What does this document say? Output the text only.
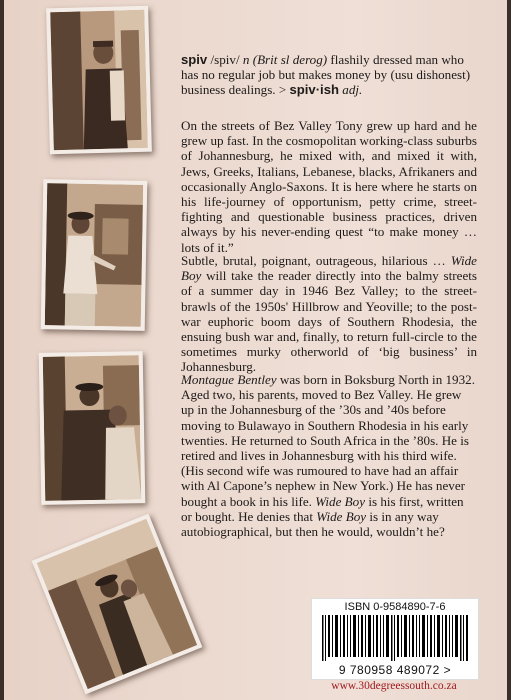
spiv /spiv/ n (Brit sl derog) flashily dressed man who has no regular job but makes money by (usu dishonest) business dealings. > spiv·ish adj.

On the streets of Bez Valley Tony grew up hard and he grew up fast. In the cosmopolitan working-class suburbs of Johannesburg, he mixed with, and mixed it with, Jews, Greeks, Italians, Lebanese, blacks, Afrikaners and occasionally Anglo-Saxons. It is here where he starts on his life-journey of opportunism, petty crime, street-fighting and questionable business practices, driven always by his never-ending quest “to make money … lots of it.”

Subtle, brutal, poignant, outrageous, hilarious … Wide Boy will take the reader directly into the balmy streets of a summer day in 1946 Bez Valley; to the street-brawls of the 1950s' Hillbrow and Yeoville; to the post-war euphoric boom days of Southern Rhodesia, the ensuing bush war and, finally, to return full-circle to the sometimes murky otherworld of ‘big business’ in Johannesburg.

Montague Bentley was born in Boksburg North in 1932. Aged two, his parents, moved to Bez Valley. He grew up in the Johannesburg of the ’30s and ’40s before moving to Bulawayo in Southern Rhodesia in his early twenties. He returned to South Africa in the ’80s. He is retired and lives in Johannesburg with his third wife. (His second wife was rumoured to have had an affair with Al Capone’s nephew in New York.) He has never bought a book in his life. Wide Boy is his first, written or bought. He denies that Wide Boy is in any way autobiographical, but then he would, wouldn’t he?

ISBN 0-9584890-7-6
9 780958 489072 >
www.30degreessouth.co.za
